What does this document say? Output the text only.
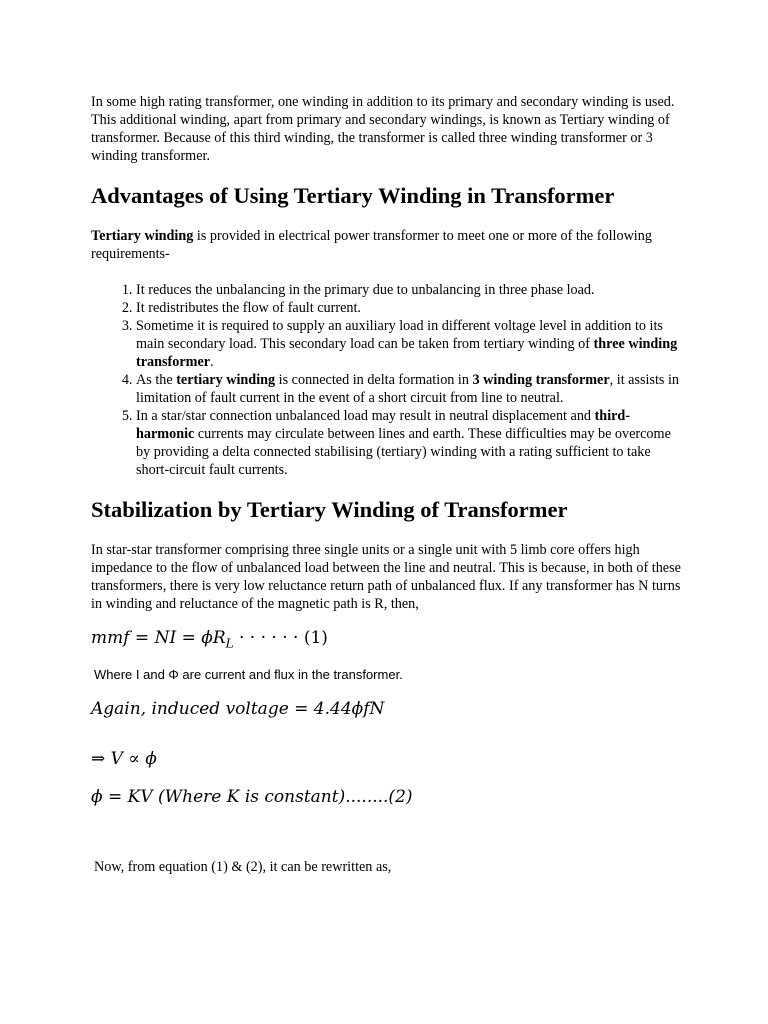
In some high rating transformer, one winding in addition to its primary and secondary winding is used. This additional winding, apart from primary and secondary windings, is known as Tertiary winding of transformer. Because of this third winding, the transformer is called three winding transformer or 3 winding transformer.

Advantages of Using Tertiary Winding in Transformer

Tertiary winding is provided in electrical power transformer to meet one or more of the following requirements-

1. It reduces the unbalancing in the primary due to unbalancing in three phase load.
2. It redistributes the flow of fault current.
3. Sometime it is required to supply an auxiliary load in different voltage level in addition to its main secondary load. This secondary load can be taken from tertiary winding of three winding transformer.
4. As the tertiary winding is connected in delta formation in 3 winding transformer, it assists in limitation of fault current in the event of a short circuit from line to neutral.
5. In a star/star connection unbalanced load may result in neutral displacement and third-harmonic currents may circulate between lines and earth. These difficulties may be overcome by providing a delta connected stabilising (tertiary) winding with a rating sufficient to take short-circuit fault currents.
Stabilization by Tertiary Winding of Transformer

In star-star transformer comprising three single units or a single unit with 5 limb core offers high impedance to the flow of unbalanced load between the line and neutral. This is because, in both of these transformers, there is very low reluctance return path of unbalanced flux. If any transformer has N turns in winding and reluctance of the magnetic path is R, then,

mmf = NI = $\phi R_L$ · · · · · · (1)
Where I and Φ are current and flux in the transformer.
Again, induced voltage = 4.44ϕfN
⇒ V ∝ ϕ
ϕ = KV (Where K is constant)........(2)
Now, from equation (1) & (2), it can be rewritten as,
